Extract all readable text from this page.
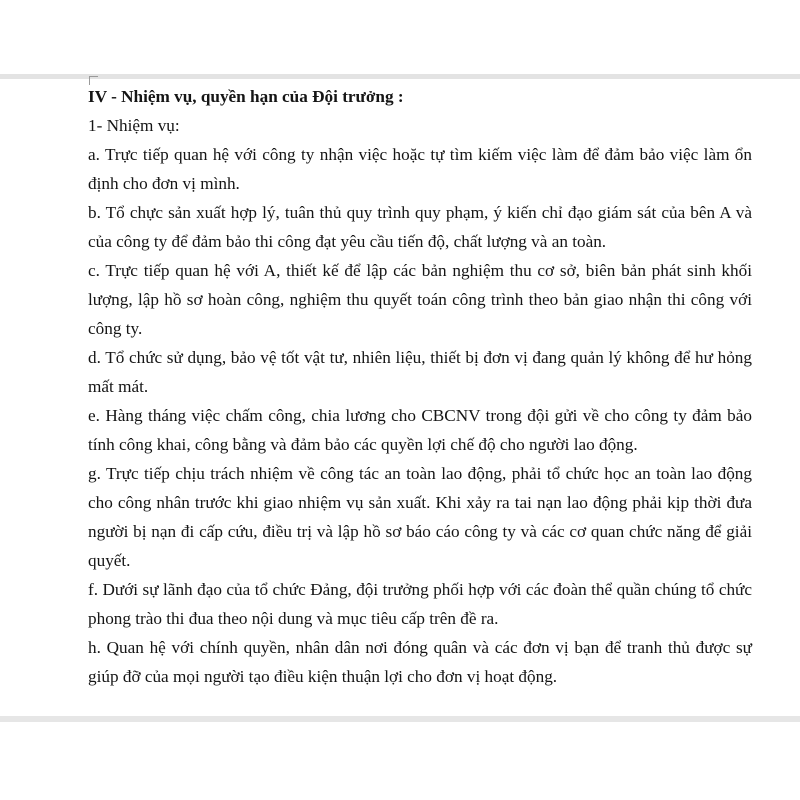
IV - Nhiệm vụ, quyền hạn của Đội trưởng :

1- Nhiệm vụ:

a. Trực tiếp quan hệ với công ty nhận việc hoặc tự tìm kiếm việc làm để đảm bảo việc làm ổn định cho đơn vị mình.

b. Tổ chực sản xuất hợp lý, tuân thủ quy trình quy phạm, ý kiến chỉ đạo giám sát của bên A và của công ty để đảm bảo thi công đạt yêu cầu tiến độ, chất lượng và an toàn.

c. Trực tiếp quan hệ với A, thiết kế để lập các bản nghiệm thu cơ sở, biên bản phát sinh khối lượng, lập hồ sơ hoàn công, nghiệm thu quyết toán công trình theo bản giao nhận thi công với công ty.

d. Tổ chức sử dụng, bảo vệ tốt vật tư, nhiên liệu, thiết bị đơn vị đang quản lý không để hư hỏng mất mát.

e. Hàng tháng việc chấm công, chia lương cho CBCNV trong đội gửi về cho công ty đảm bảo tính công khai, công bằng và đảm bảo các quyền lợi chế độ cho người lao động.

g. Trực tiếp chịu trách nhiệm về công tác an toàn lao động, phải tổ chức học an toàn lao động cho công nhân trước khi giao nhiệm vụ sản xuất. Khi xảy ra tai nạn lao động phải kịp thời đưa người bị nạn đi cấp cứu, điều trị và lập hồ sơ báo cáo công ty và các cơ quan chức năng để giải quyết.

f. Dưới sự lãnh đạo của tổ chức Đảng, đội trưởng phối hợp với các đoàn thể quần chúng tổ chức phong trào thi đua theo nội dung và mục tiêu cấp trên đề ra.

h. Quan hệ với chính quyền, nhân dân nơi đóng quân và các đơn vị bạn để tranh thủ được sự giúp đỡ của mọi người tạo điều kiện thuận lợi cho đơn vị hoạt động.
